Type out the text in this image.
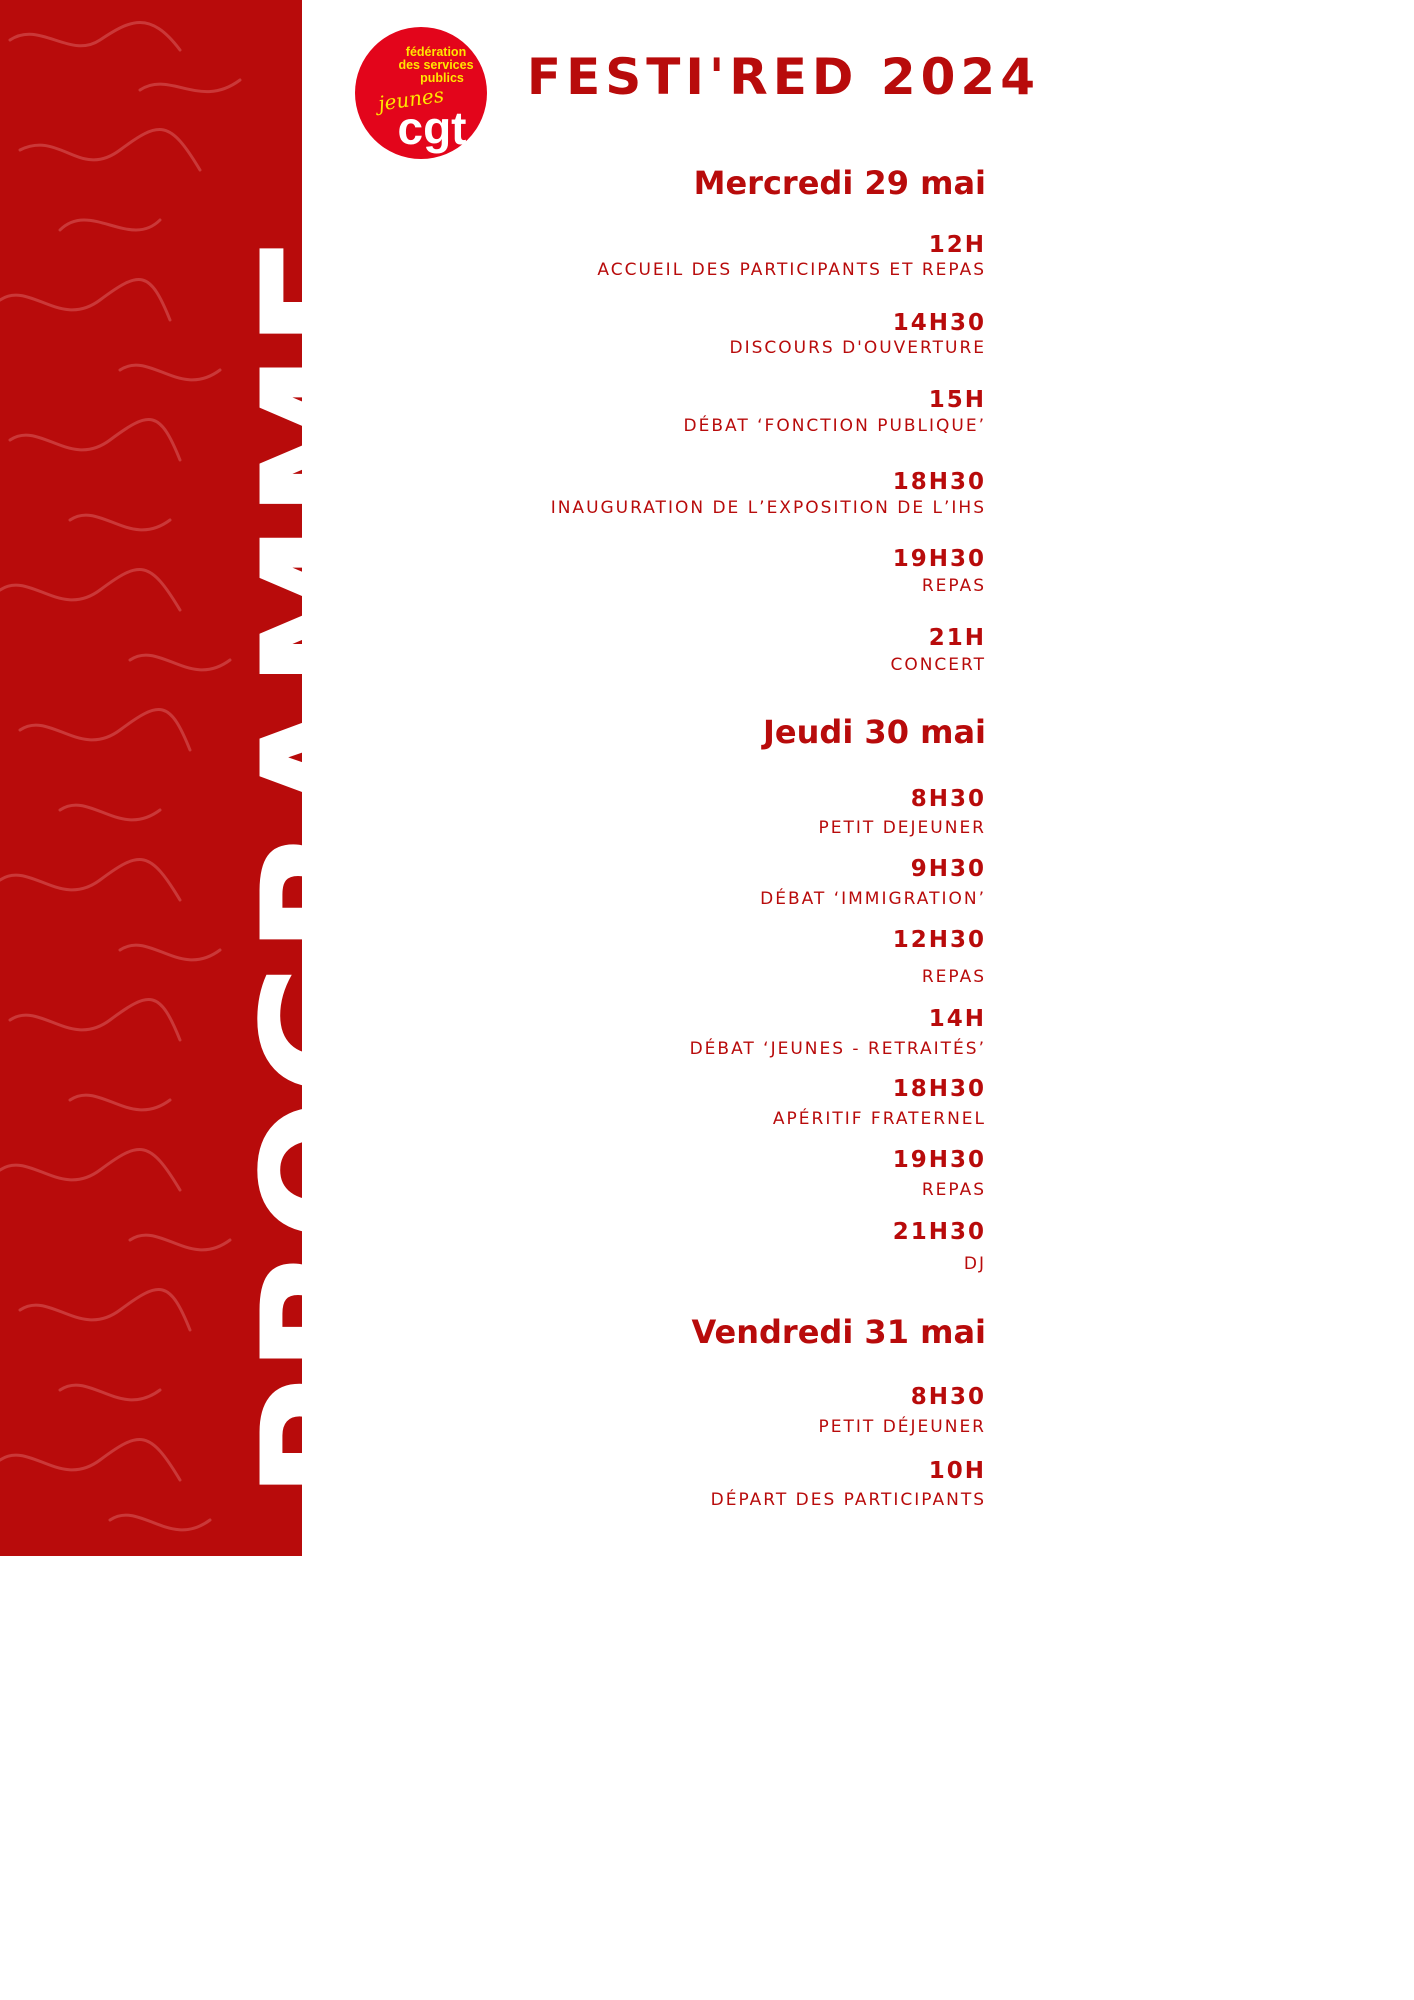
PROGRAMME
fédération
des services
publics
jeunes
cgt
FESTI'RED 2024
Mercredi 29 mai
12H
ACCUEIL DES PARTICIPANTS ET REPAS
14H30
DISCOURS D'OUVERTURE
15H
DÉBAT ‘FONCTION PUBLIQUE’
18H30
INAUGURATION DE L’EXPOSITION DE L’IHS
19H30
REPAS
21H
CONCERT
Jeudi 30 mai
8H30
PETIT DEJEUNER
9H30
DÉBAT ‘IMMIGRATION’
12H30
REPAS
14H
DÉBAT ‘JEUNES - RETRAITÉS’
18H30
APÉRITIF FRATERNEL
19H30
REPAS
21H30
DJ
Vendredi 31 mai
8H30
PETIT DÉJEUNER
10H
DÉPART DES PARTICIPANTS
